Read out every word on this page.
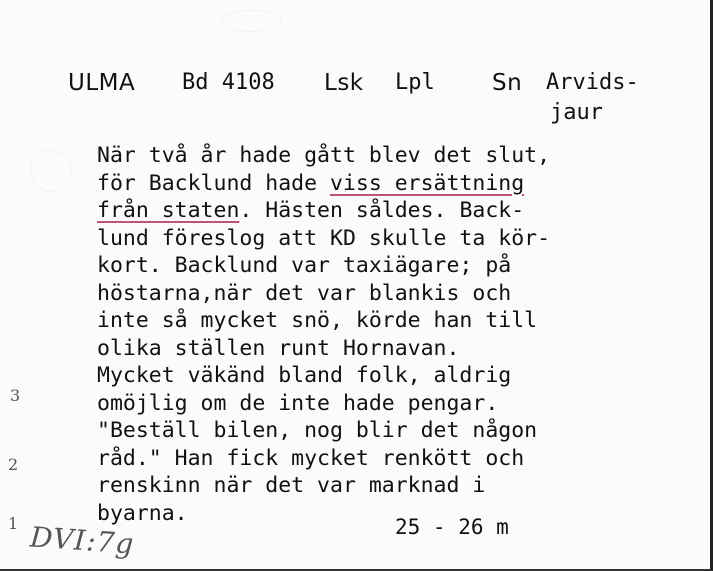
ULMA Bd 4108 Lsk Lpl Sn Arvids-
jaur
När två år hade gått blev det slut,
för Backlund hade viss ersättning
från staten. Hästen såldes. Back-
lund föreslog att KD skulle ta kör-
kort. Backlund var taxiägare; på
höstarna,när det var blankis och
inte så mycket snö, körde han till
olika ställen runt Hornavan.
Mycket väkänd bland folk, aldrig
omöjlig om de inte hade pengar.
"Beställ bilen, nog blir det någon
råd." Han fick mycket renkött och
renskinn när det var marknad i
byarna.
25 - 26 m
3
2
1 DVI:7g
